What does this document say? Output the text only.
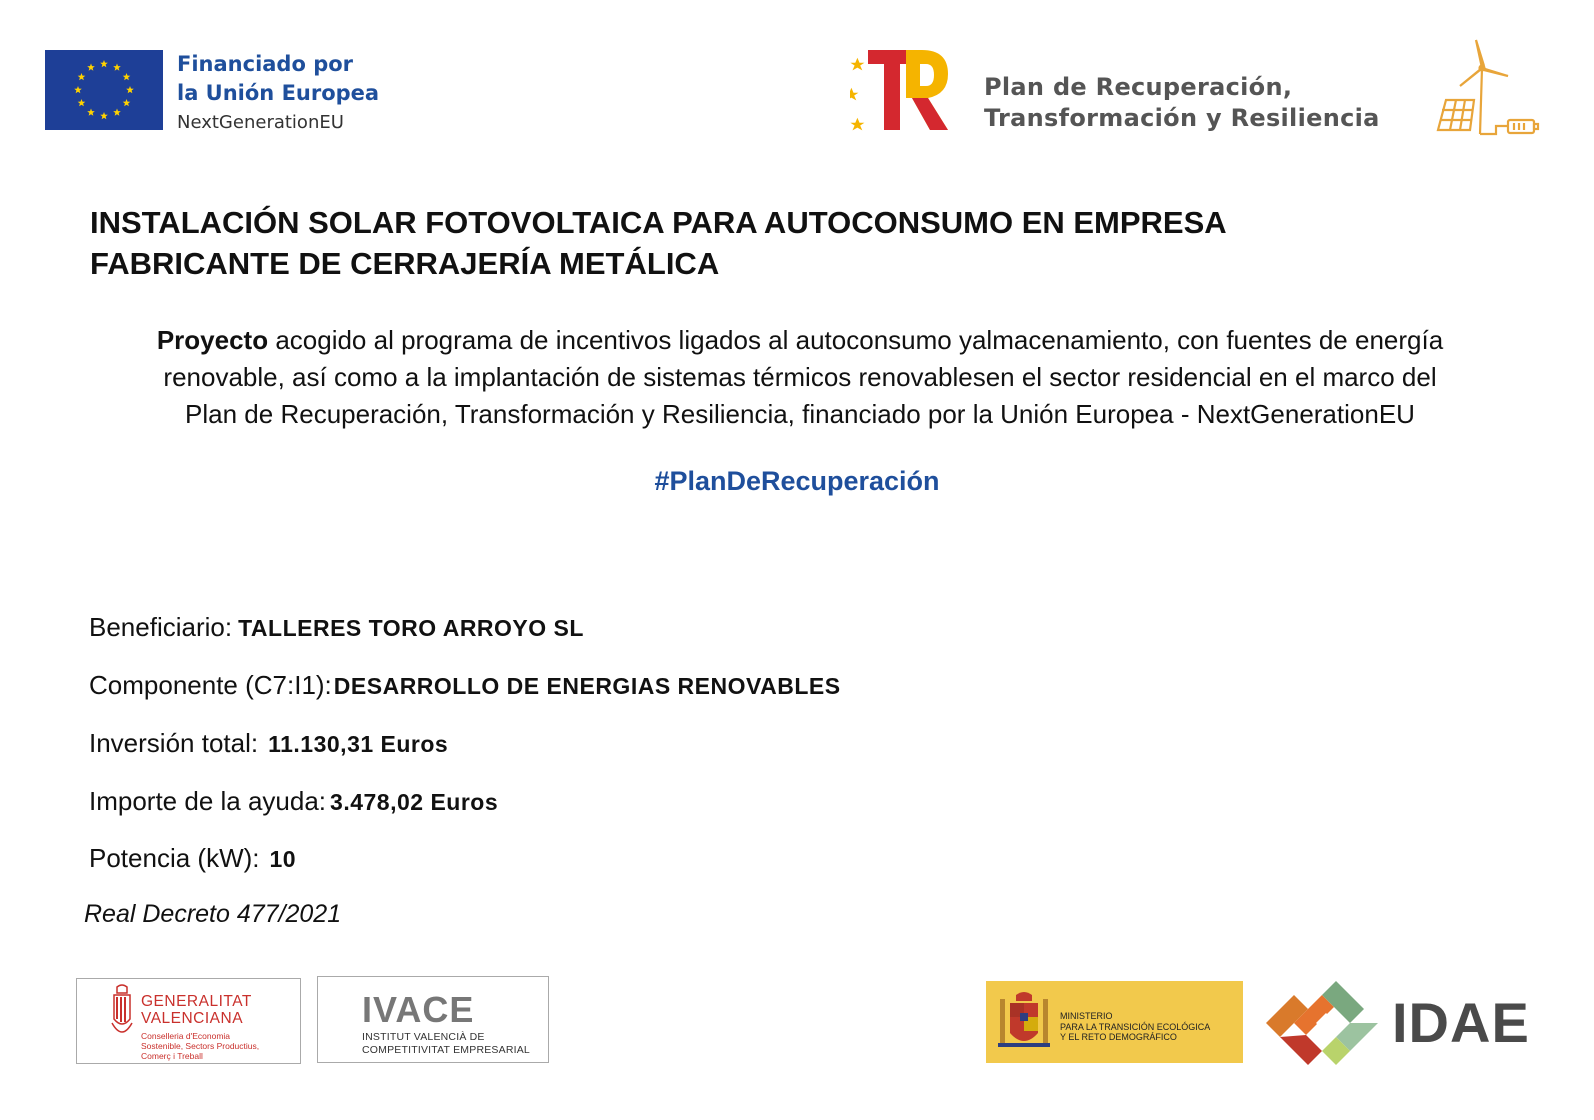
Financiado por
la Unión Europea
NextGenerationEU
Plan de Recuperación,
Transformación y Resiliencia
INSTALACIÓN SOLAR FOTOVOLTAICA PARA AUTOCONSUMO EN EMPRESA
FABRICANTE DE CERRAJERÍA METÁLICA
Proyecto acogido al programa de incentivos ligados al autoconsumo yalmacenamiento, con fuentes de energía
renovable, así como a la implantación de sistemas térmicos renovablesen el sector residencial en el marco del
Plan de Recuperación, Transformación y Resiliencia, financiado por la Unión Europea - NextGenerationEU
#PlanDeRecuperación
Beneficiario: TALLERES TORO ARROYO SL
Componente (C7:I1): DESARROLLO DE ENERGIAS RENOVABLES
Inversión total: 11.130,31 Euros
Importe de la ayuda: 3.478,02 Euros
Potencia (kW): 10
Real Decreto 477/2021
GENERALITAT
VALENCIANA
Conselleria d'Economia
Sostenible, Sectors Productius,
Comerç i Treball
IVACE
INSTITUT VALENCIÀ DE
COMPETITIVITAT EMPRESARIAL
MINISTERIO
PARA LA TRANSICIÓN ECOLÓGICA
Y EL RETO DEMOGRÁFICO	IDAE
